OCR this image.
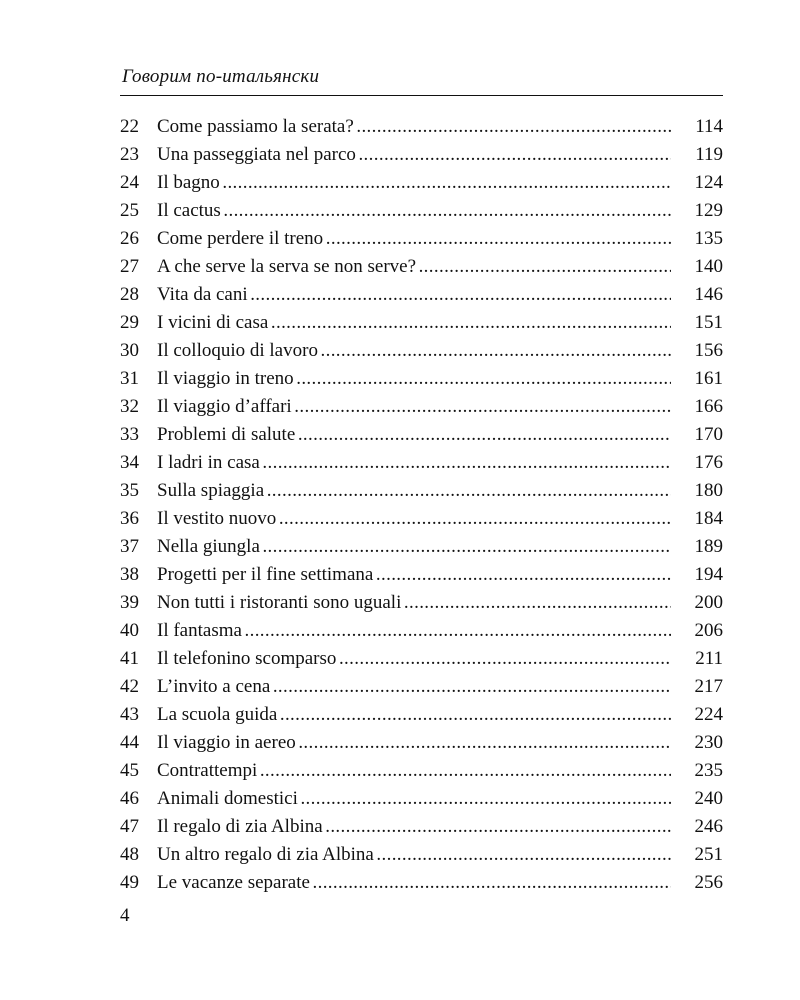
Говорим по-итальянски
22 Come passiamo la serata? . . .	114
23 Una passeggiata nel parco . . .	119
24 Il bagno . . .	124
25 Il cactus . . .	129
26 Come perdere il treno . . .	135
27 A che serve la serva se non serve? . . .	140
28 Vita da cani . . .	146
29 I vicini di casa . . .	151
30 Il colloquio di lavoro . . .	156
31 Il viaggio in treno . . .	161
32 Il viaggio d’affari . . .	166
33 Problemi di salute . . .	170
34 I ladri in casa . . .	176
35 Sulla spiaggia . . .	180
36 Il vestito nuovo . . .	184
37 Nella giungla . . .	189
38 Progetti per il fine settimana . . .	194
39 Non tutti i ristoranti sono uguali . . .	200
40 Il fantasma . . .	206
41 Il telefonino scomparso . . .	211
42 L’invito a cena . . .	217
43 La scuola guida . . .	224
44 Il viaggio in aereo . . .	230
45 Contrattempi . . .	235
46 Animali domestici . . .	240
47 Il regalo di zia Albina . . .	246
48 Un altro regalo di zia Albina . . .	251
49 Le vacanze separate . . .	256
4
